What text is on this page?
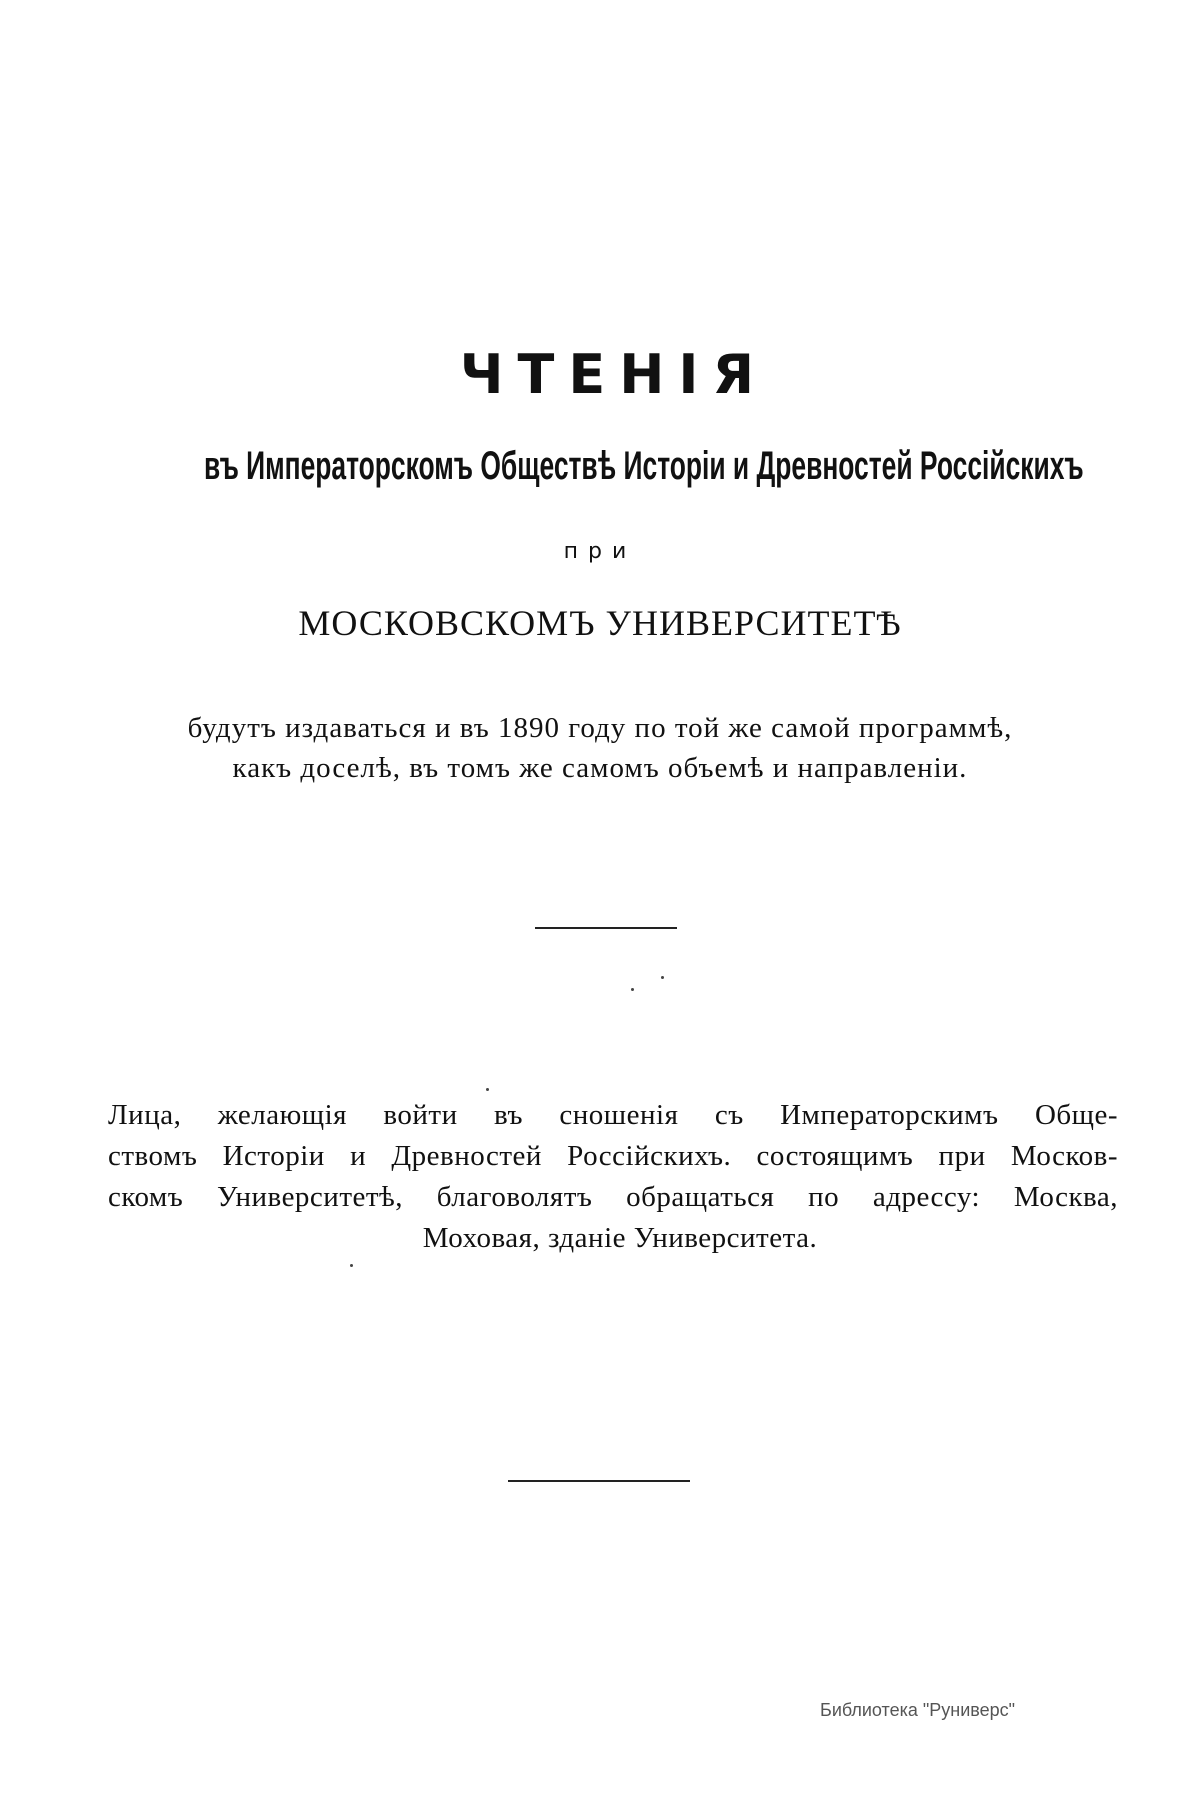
ЧТЕНІЯ
въ Императорскомъ Обществѣ Исторіи и Древностей Россійскихъ
при
МОСКОВСКОМЪ УНИВЕРСИТЕТѢ
будутъ издаваться и въ 1890 году по той же самой программѣ,
какъ доселѣ, въ томъ же самомъ объемѣ и направленіи.
Лица, желающія войти въ сношенія съ Императорскимъ Обще-
ствомъ Исторіи и Древностей Россійскихъ. состоящимъ при Москов-
скомъ Университетѣ, благоволятъ обращаться по адрессу: Москва,
Моховая, зданіе Университета.
Библиотека "Руниверс"
